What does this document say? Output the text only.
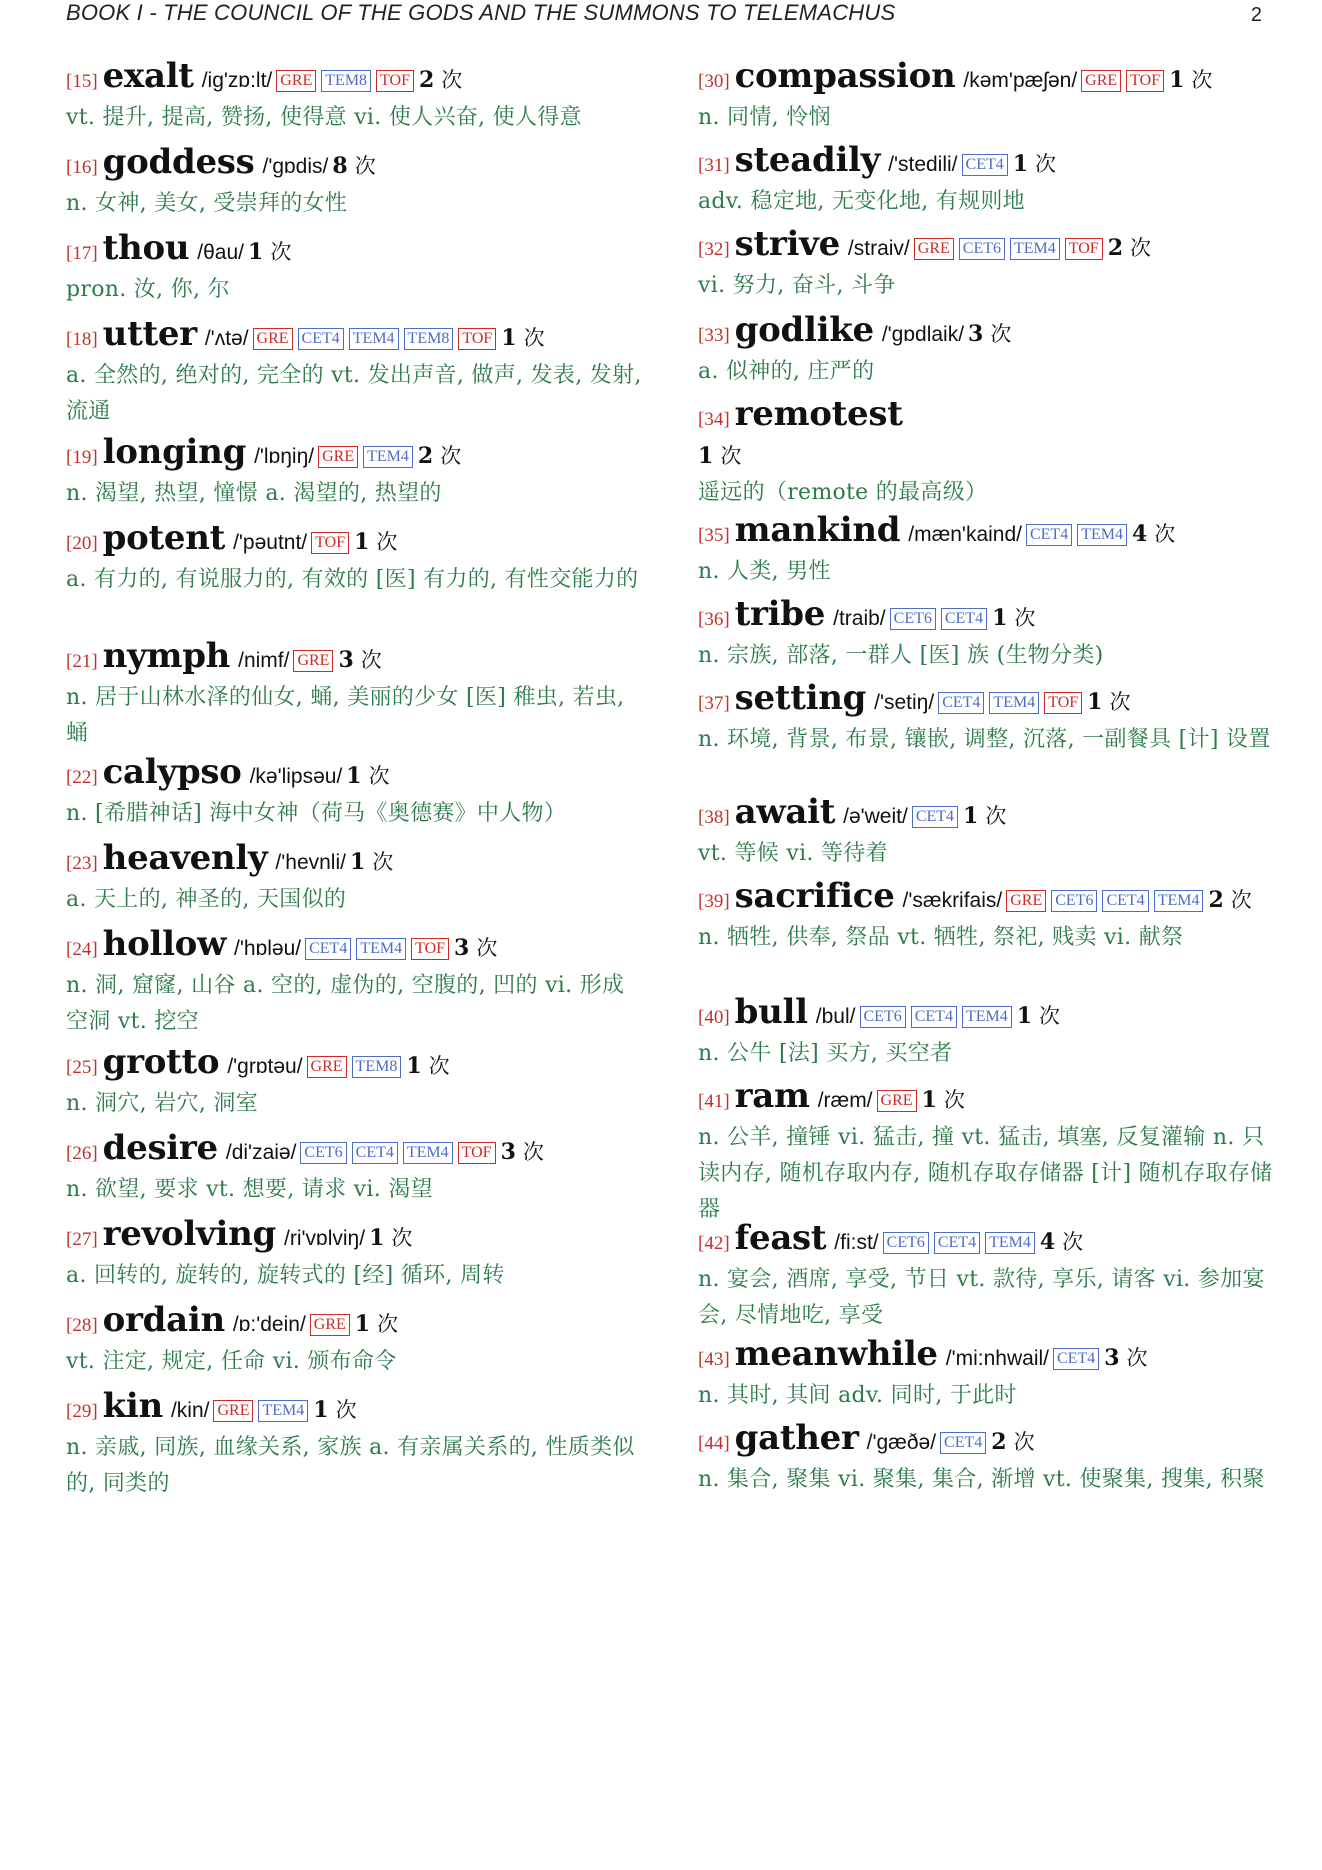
BOOK I - THE COUNCIL OF THE GODS AND THE SUMMONS TO TELEMACHUS	2
[15] exalt /ig'zɒ:lt/ GRE TEM8 TOF 2 次
vt. 提升, 提高, 赞扬, 使得意 vi. 使人兴奋, 使人得意
[16] goddess /'gɒdis/ 8 次
n. 女神, 美女, 受崇拜的女性
[17] thou /θau/ 1 次
pron. 汝, 你, 尔
[18] utter /'ʌtə/ GRE CET4 TEM4 TEM8 TOF 1 次
a. 全然的, 绝对的, 完全的 vt. 发出声音, 做声, 发表, 发射, 流通
[19] longing /'lɒŋiŋ/ GRE TEM4 2 次
n. 渴望, 热望, 憧憬 a. 渴望的, 热望的
[20] potent /'pəutnt/ TOF 1 次
a. 有力的, 有说服力的, 有效的 [医] 有力的, 有性交能力的
[21] nymph /nimf/ GRE 3 次
n. 居于山林水泽的仙女, 蛹, 美丽的少女 [医] 稚虫, 若虫, 蛹
[22] calypso /kə'lipsəu/ 1 次
n. [希腊神话] 海中女神（荷马《奥德赛》中人物）
[23] heavenly /'hevnli/ 1 次
a. 天上的, 神圣的, 天国似的
[24] hollow /'hɒləu/ CET4 TEM4 TOF 3 次
n. 洞, 窟窿, 山谷 a. 空的, 虚伪的, 空腹的, 凹的 vi. 形成空洞 vt. 挖空
[25] grotto /'grɒtəu/ GRE TEM8 1 次
n. 洞穴, 岩穴, 洞室
[26] desire /di'zaiə/ CET6 CET4 TEM4 TOF 3 次
n. 欲望, 要求 vt. 想要, 请求 vi. 渴望
[27] revolving /ri'vɒlviŋ/ 1 次
a. 回转的, 旋转的, 旋转式的 [经] 循环, 周转
[28] ordain /ɒ:'dein/ GRE 1 次
vt. 注定, 规定, 任命 vi. 颁布命令
[29] kin /kin/ GRE TEM4 1 次
n. 亲戚, 同族, 血缘关系, 家族 a. 有亲属关系的, 性质类似的, 同类的
[30] compassion /kəm'pæʃən/ GRE TOF 1 次
n. 同情, 怜悯
[31] steadily /'stedili/ CET4 1 次
adv. 稳定地, 无变化地, 有规则地
[32] strive /straiv/ GRE CET6 TEM4 TOF 2 次
vi. 努力, 奋斗, 斗争
[33] godlike /'gɒdlaik/ 3 次
a. 似神的, 庄严的
[34] remotest
1 次
遥远的（remote 的最高级）
[35] mankind /mæn'kaind/ CET4 TEM4 4 次
n. 人类, 男性
[36] tribe /traib/ CET6 CET4 1 次
n. 宗族, 部落, 一群人 [医] 族 (生物分类)
[37] setting /'setiŋ/ CET4 TEM4 TOF 1 次
n. 环境, 背景, 布景, 镶嵌, 调整, 沉落, 一副餐具 [计] 设置
[38] await /ə'weit/ CET4 1 次
vt. 等候 vi. 等待着
[39] sacrifice /'sækrifais/ GRE CET6 CET4 TEM4 2 次
n. 牺牲, 供奉, 祭品 vt. 牺牲, 祭祀, 贱卖 vi. 献祭
[40] bull /bul/ CET6 CET4 TEM4 1 次
n. 公牛 [法] 买方, 买空者
[41] ram /ræm/ GRE 1 次
n. 公羊, 撞锤 vi. 猛击, 撞 vt. 猛击, 填塞, 反复灌输 n. 只读内存, 随机存取内存, 随机存取存储器 [计] 随机存取存储器
[42] feast /fi:st/ CET6 CET4 TEM4 4 次
n. 宴会, 酒席, 享受, 节日 vt. 款待, 享乐, 请客 vi. 参加宴会, 尽情地吃, 享受
[43] meanwhile /'mi:nhwail/ CET4 3 次
n. 其时, 其间 adv. 同时, 于此时
[44] gather /'gæðə/ CET4 2 次
n. 集合, 聚集 vi. 聚集, 集合, 渐增 vt. 使聚集, 搜集, 积聚
